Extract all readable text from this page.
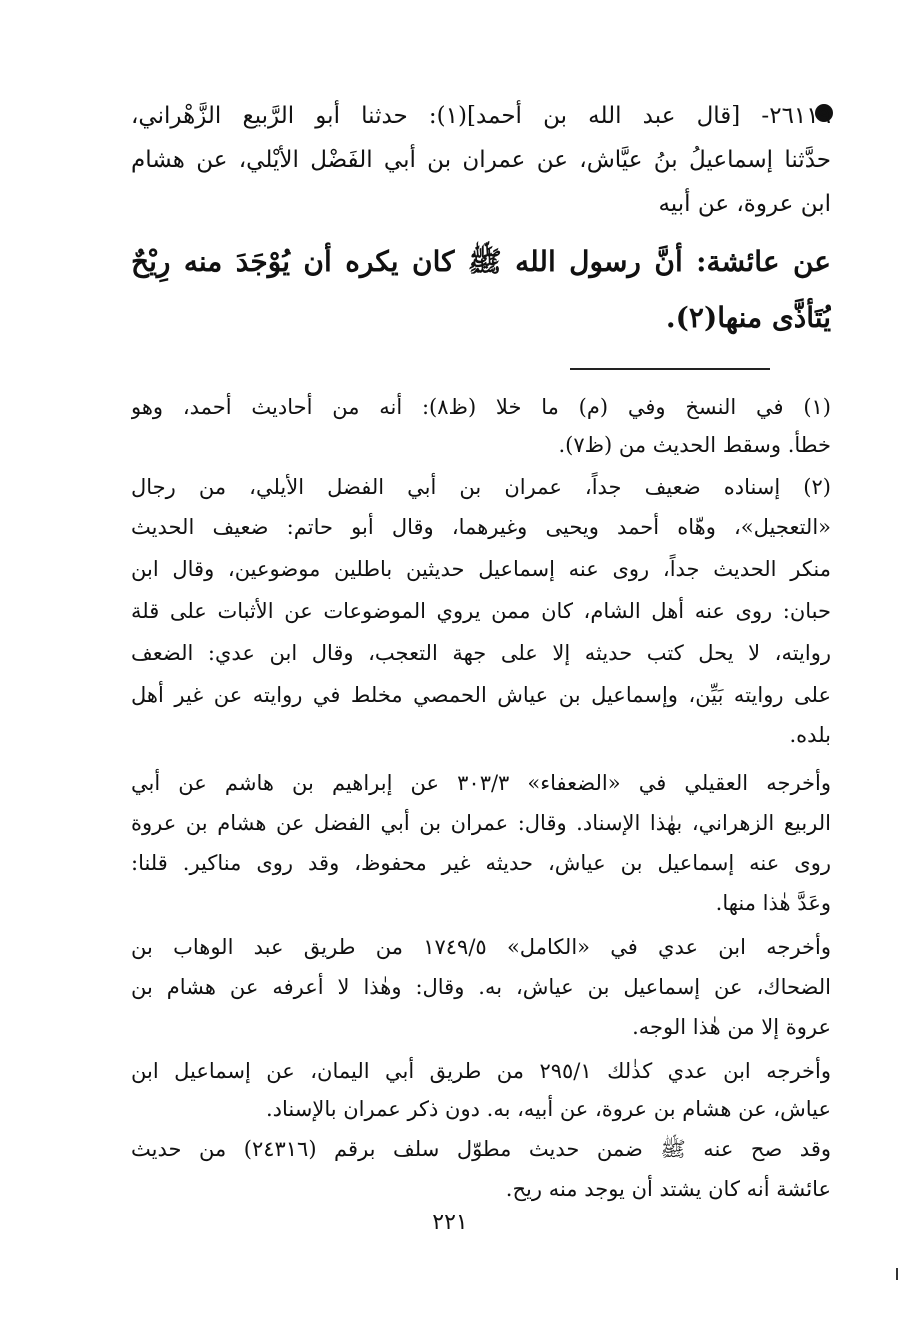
٢٦١١٩- [قال عبد الله بن أحمد](١): حدثنا أبو الرَّبيع الزَّهْراني،
حدَّثنا إسماعيلُ بنُ عيَّاش، عن عمران بن أبي الفَضْل الأيْلي، عن هشام
ابن عروة، عن أبيه
عن عائشة: أنَّ رسول الله ﷺ كان يكره أن يُوْجَدَ منه رِيْحٌ
يُتَأذَّى منها(٢).
(١) في النسخ وفي (م) ما خلا (ظ٨): أنه من أحاديث أحمد، وهو
خطأ. وسقط الحديث من (ظ٧).
(٢) إسناده ضعيف جداً، عمران بن أبي الفضل الأيلي، من رجال
«التعجيل»، وهّاه أحمد ويحيى وغيرهما، وقال أبو حاتم: ضعيف الحديث
منكر الحديث جداً، روى عنه إسماعيل حديثين باطلين موضوعين، وقال ابن
حبان: روى عنه أهل الشام، كان ممن يروي الموضوعات عن الأثبات على قلة
روايته، لا يحل كتب حديثه إلا على جهة التعجب، وقال ابن عدي: الضعف
على روايته بَيِّن، وإسماعيل بن عياش الحمصي مخلط في روايته عن غير أهل
بلده.
وأخرجه العقيلي في «الضعفاء» ٣٠٣/٣ عن إبراهيم بن هاشم عن أبي
الربيع الزهراني، بهٰذا الإسناد. وقال: عمران بن أبي الفضل عن هشام بن عروة
روى عنه إسماعيل بن عياش، حديثه غير محفوظ، وقد روى مناكير. قلنا:
وعَدَّ هٰذا منها.
وأخرجه ابن عدي في «الكامل» ١٧٤٩/٥ من طريق عبد الوهاب بن
الضحاك، عن إسماعيل بن عياش، به. وقال: وهٰذا لا أعرفه عن هشام بن
عروة إلا من هٰذا الوجه.
وأخرجه ابن عدي كذٰلك ٢٩٥/١ من طريق أبي اليمان، عن إسماعيل ابن
عياش، عن هشام بن عروة، عن أبيه، به. دون ذكر عمران بالإسناد.
وقد صح عنه ﷺ ضمن حديث مطوّل سلف برقم (٢٤٣١٦) من حديث
عائشة أنه كان يشتد أن يوجد منه ريح.
٢٢١
